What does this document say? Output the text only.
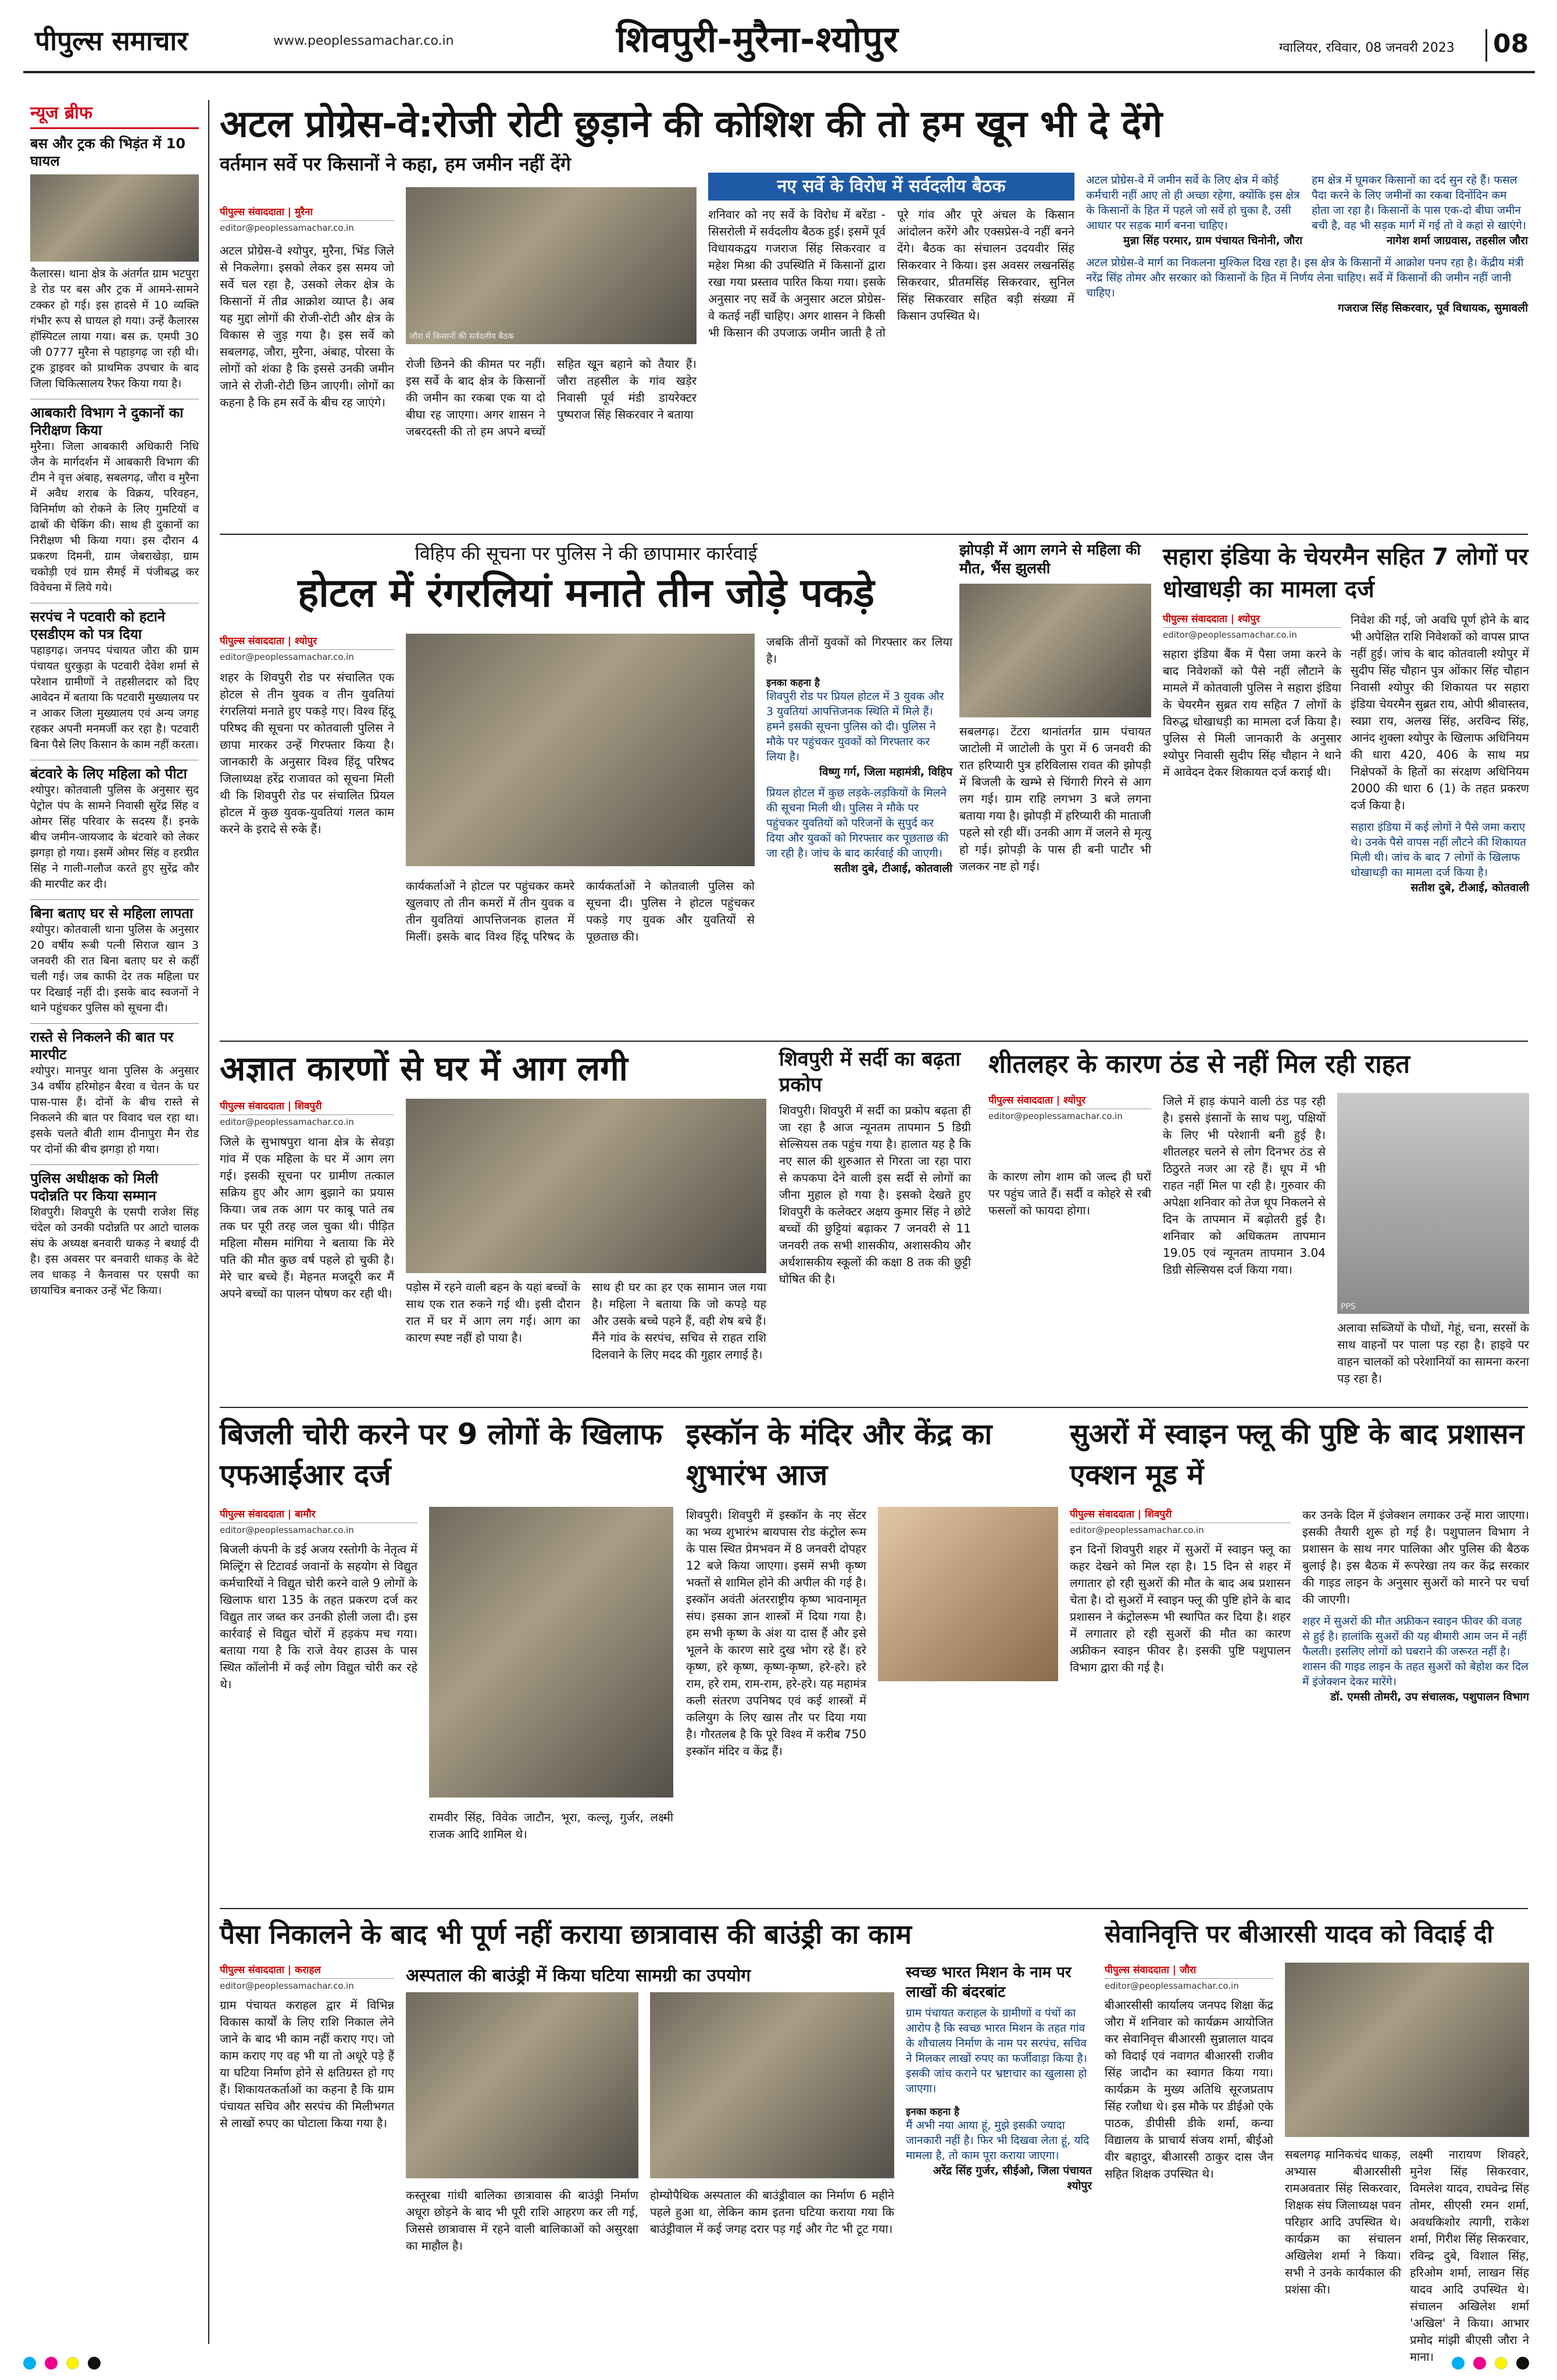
पीपुल्स समाचार	www.peoplessamachar.co.in	शिवपुरी-मुरैना-श्योपुर	ग्वालियर, रविवार, 08 जनवरी 2023 08
न्यूज ब्रीफ
बस और ट्रक की भिड़ंत में 10 घायल
कैलारस। थाना क्षेत्र के अंतर्गत ग्राम भटपुरा डे रोड पर बस और ट्रक में आमने-सामने टक्कर हो गई। इस हादसे में 10 व्यक्ति गंभीर रूप से घायल हो गया। उन्हें कैलारस हॉस्पिटल लाया गया। बस क्र. एमपी 30 जी 0777 मुरैना से पहाड़गढ़ जा रही थी। ट्रक ड्राइवर को प्राथमिक उपचार के बाद जिला चिकित्सालय रैफर किया गया है।
आबकारी विभाग ने दुकानों का निरीक्षण किया
मुरैना। जिला आबकारी अधिकारी निधि जैन के मार्गदर्शन में आबकारी विभाग की टीम ने वृत्त अंबाह, सबलगढ़, जौरा व मुरैना में अवैध शराब के विक्रय, परिवहन, विनिर्माण को रोकने के लिए गुमटियों व ढाबों की चेकिंग की। साथ ही दुकानों का निरीक्षण भी किया गया। इस दौरान 4 प्रकरण दिमनी, ग्राम जेबराखेड़ा, ग्राम चकोड़ी एवं ग्राम सैमई में पंजीबद्ध कर विवेचना में लिये गये।
सरपंच ने पटवारी को हटाने एसडीएम को पत्र दिया
पहाड़गढ़। जनपद पंचायत जौरा की ग्राम पंचायत धुरकुड़ा के पटवारी देवेश शर्मा से परेशान ग्रामीणों ने तहसीलदार को दिए आवेदन में बताया कि पटवारी मुख्यालय पर न आकर जिला मुख्यालय एवं अन्य जगह रहकर अपनी मनमर्जी कर रहा है। पटवारी बिना पैसे लिए किसान के काम नहीं करता।
बंटवारे के लिए महिला को पीटा
श्योपुर। कोतवाली पुलिस के अनुसार सुद पेट्रोल पंप के सामने निवासी सुरेंद्र सिंह व ओमर सिंह परिवार के सदस्य हैं। इनके बीच जमीन-जायजाद के बंटवारे को लेकर झगड़ा हो गया। इसमें ओमर सिंह व हरप्रीत सिंह ने गाली-गलौज करते हुए सुरेंद्र कौर की मारपीट कर दी।
बिना बताए घर से महिला लापता
श्योपुर। कोतवाली थाना पुलिस के अनुसार 20 वर्षीय रूबी पत्नी सिराज खान 3 जनवरी की रात बिना बताए घर से कहीं चली गई। जब काफी देर तक महिला घर पर दिखाई नहीं दी। इसके बाद स्वजनों ने थाने पहुंचकर पुलिस को सूचना दी।
रास्ते से निकलने की बात पर मारपीट
श्योपुर। मानपुर थाना पुलिस के अनुसार 34 वर्षीय हरिमोहन बैरवा व चेतन के घर पास-पास हैं। दोनों के बीच रास्ते से निकलने की बात पर विवाद चल रहा था। इसके चलते बीती शाम दीनापुरा मैन रोड पर दोनों की बीच झगड़ा हो गया।
पुलिस अधीक्षक को मिली पदोन्नति पर किया सम्मान
शिवपुरी। शिवपुरी के एसपी राजेश सिंह चंदेल को उनकी पदोन्नति पर आटो चालक संघ के अध्यक्ष बनवारी धाकड़ ने बधाई दी है। इस अवसर पर बनवारी धाकड़ के बेटे लव धाकड़ ने कैनवास पर एसपी का छायाचित्र बनाकर उन्हें भेंट किया।
अटल प्रोग्रेस-वे:रोजी रोटी छुड़ाने की कोशिश की तो हम खून भी दे देंगे
वर्तमान सर्वे पर किसानों ने कहा, हम जमीन नहीं देंगे
पीपुल्स संवाददाता | मुरैना
editor@peoplessamachar.co.in
अटल प्रोग्रेस-वे श्योपुर, मुरैना, भिंड जिले से निकलेगा। इसको लेकर इस समय जो सर्वे चल रहा है, उसको लेकर क्षेत्र के किसानों में तीव्र आक्रोश व्याप्त है। अब यह मुद्दा लोगों की रोजी-रोटी और क्षेत्र के विकास से जुड़ गया है। इस सर्वे को सबलगढ़, जौरा, मुरैना, अंबाह, पोरसा के लोगों को शंका है कि इससे उनकी जमीन जाने से रोजी-रोटी छिन जाएगी। लोगों का कहना है कि हम सर्वे के बीच रह जाएंगे।
जौरा में किसानों की सर्वदलीय बैठक
रोजी छिनने की कीमत पर नहीं। इस सर्वे के बाद क्षेत्र के किसानों की जमीन का रकबा एक या दो बीघा रह जाएगा। अगर शासन ने जबरदस्ती की तो हम अपने बच्चों सहित खून बहाने को तैयार हैं। जौरा तहसील के गांव खड़ेर निवासी पूर्व मंडी डायरेक्टर पुष्पराज सिंह सिकरवार ने बताया
नए सर्वे के विरोध में सर्वदलीय बैठक
शनिवार को नए सर्वे के विरोध में बरेंडा - सिसरोली में सर्वदलीय बैठक हुई। इसमें पूर्व विधायकद्वय गजराज सिंह सिकरवार व महेश मिश्रा की उपस्थिति में किसानों द्वारा रखा गया प्रस्ताव पारित किया गया। इसके अनुसार नए सर्वे के अनुसार अटल प्रोग्रेस-वे कतई नहीं चाहिए। अगर शासन ने किसी भी किसान की उपजाऊ जमीन जाती है तो पूरे गांव और पूरे अंचल के किसान आंदोलन करेंगे और एक्सप्रेस-वे नहीं बनने देंगे। बैठक का संचालन उदयवीर सिंह सिकरवार ने किया। इस अवसर लखनसिंह सिकरवार, प्रीतमसिंह सिकरवार, सुनिल सिंह सिकरवार सहित बड़ी संख्या में किसान उपस्थित थे।
अटल प्रोग्रेस-वे में जमीन सर्वे के लिए क्षेत्र में कोई कर्मचारी नहीं आए तो ही अच्छा रहेगा, क्योंकि इस क्षेत्र के किसानों के हित में पहले जो सर्वे हो चुका है, उसी आधार पर सड़क मार्ग बनना चाहिए।
मुन्ना सिंह परमार, ग्राम पंचायत चिनोनी, जौरा
हम क्षेत्र में घूमकर किसानों का दर्द सुन रहे हैं। फसल पैदा करने के लिए जमीनों का रकबा दिनोंदिन कम होता जा रहा है। किसानों के पास एक-दो बीघा जमीन बची है, वह भी सड़क मार्ग में गई तो वे कहां से खाएंगे।
नागेश शर्मा जाग्रवास, तहसील जौरा
अटल प्रोग्रेस-वे मार्ग का निकलना मुश्किल दिख रहा है। इस क्षेत्र के किसानों में आक्रोश पनप रहा है। केंद्रीय मंत्री नरेंद्र सिंह तोमर और सरकार को किसानों के हित में निर्णय लेना चाहिए। सर्वे में किसानों की जमीन नहीं जानी चाहिए।
गजराज सिंह सिकरवार, पूर्व विधायक, सुमावली
विहिप की सूचना पर पुलिस ने की छापामार कार्रवाई
होटल में रंगरलियां मनाते तीन जोड़े पकड़े
पीपुल्स संवाददाता | श्योपुर
editor@peoplessamachar.co.in
शहर के शिवपुरी रोड पर संचालित एक होटल से तीन युवक व तीन युवतियां रंगरलियां मनाते हुए पकड़े गए। विश्व हिंदू परिषद की सूचना पर कोतवाली पुलिस ने छापा मारकर उन्हें गिरफ्तार किया है। जानकारी के अनुसार विश्व हिंदू परिषद जिलाध्यक्ष हरेंद्र राजावत को सूचना मिली थी कि शिवपुरी रोड पर संचालित प्रियल होटल में कुछ युवक-युवतियां गलत काम करने के इरादे से रुके हैं।
कार्यकर्ताओं ने होटल पर पहुंचकर कमरे खुलवाए तो तीन कमरों में तीन युवक व तीन युवतियां आपत्तिजनक हालत में मिलीं। इसके बाद विश्व हिंदू परिषद के कार्यकर्ताओं ने कोतवाली पुलिस को सूचना दी। पुलिस ने होटल पहुंचकर पकड़े गए युवक और युवतियों से पूछताछ की।
जबकि तीनों युवकों को गिरफ्तार कर लिया है।
इनका कहना है
शिवपुरी रोड पर प्रियल होटल में 3 युवक और 3 युवतियां आपत्तिजनक स्थिति में मिले हैं। हमने इसकी सूचना पुलिस को दी। पुलिस ने मौके पर पहुंचकर युवकों को गिरफ्तार कर लिया है।
विष्णु गर्ग, जिला महामंत्री, विहिप
प्रियल होटल में कुछ लड़के-लड़कियों के मिलने की सूचना मिली थी। पुलिस ने मौके पर पहुंचकर युवतियों को परिजनों के सुपुर्द कर दिया और युवकों को गिरफ्तार कर पूछताछ की जा रही है। जांच के बाद कार्रवाई की जाएगी।
सतीश दुबे, टीआई, कोतवाली
झोपड़ी में आग लगने से महिला की मौत, भैंस झुलसी
सबलगढ़। टेंटरा थानांतर्गत ग्राम पंचायत जाटोली में जाटोली के पुरा में 6 जनवरी की रात हरिप्यारी पुत्र हरिविलास रावत की झोपड़ी में बिजली के खम्भे से चिंगारी गिरने से आग लग गई। ग्राम राहि लगभग 3 बजे लगना बताया गया है। झोपड़ी में हरिप्यारी की माताजी पहले सो रही थीं। उनकी आग में जलने से मृत्यु हो गई। झोपड़ी के पास ही बनी पाटौर भी जलकर नष्ट हो गई।
सहारा इंडिया के चेयरमैन सहित 7 लोगों पर धोखाधड़ी का मामला दर्ज
पीपुल्स संवाददाता | श्योपुर
editor@peoplessamachar.co.in
सहारा इंडिया बैंक में पैसा जमा करने के बाद निवेशकों को पैसे नहीं लौटाने के मामले में कोतवाली पुलिस ने सहारा इंडिया के चेयरमैन सुब्रत राय सहित 7 लोगों के विरुद्ध धोखाधड़ी का मामला दर्ज किया है। पुलिस से मिली जानकारी के अनुसार श्योपुर निवासी सुदीप सिंह चौहान ने थाने में आवेदन देकर शिकायत दर्ज कराई थी।
निवेश की गई, जो अवधि पूर्ण होने के बाद भी अपेक्षित राशि निवेशकों को वापस प्राप्त नहीं हुई। जांच के बाद कोतवाली श्योपुर में सुदीप सिंह चौहान पुत्र ओंकार सिंह चौहान निवासी श्योपुर की शिकायत पर सहारा इंडिया चेयरमैन सुब्रत राय, ओपी श्रीवास्तव, स्वप्ना राय, अलख सिंह, अरविन्द सिंह, आनंद शुक्ला श्योपुर के खिलाफ अधिनियम की धारा 420, 406 के साथ मप्र निक्षेपकों के हितों का संरक्षण अधिनियम 2000 की धारा 6 (1) के तहत प्रकरण दर्ज किया है।
सहारा इंडिया में कई लोगों ने पैसे जमा कराए थे। उनके पैसे वापस नहीं लौटने की शिकायत मिली थी। जांच के बाद 7 लोगों के खिलाफ धोखाधड़ी का मामला दर्ज किया है।
सतीश दुबे, टीआई, कोतवाली
अज्ञात कारणों से घर में आग लगी
पीपुल्स संवाददाता | शिवपुरी
editor@peoplessamachar.co.in
जिले के सुभाषपुरा थाना क्षेत्र के सेवड़ा गांव में एक महिला के घर में आग लग गई। इसकी सूचना पर ग्रामीण तत्काल सक्रिय हुए और आग बुझाने का प्रयास किया। जब तक आग पर काबू पाते तब तक घर पूरी तरह जल चुका थी। पीड़ित महिला मौसम मांगिया ने बताया कि मेरे पति की मौत कुछ वर्ष पहले हो चुकी है। मेरे चार बच्चे हैं। मेहनत मजदूरी कर मैं अपने बच्चों का पालन पोषण कर रही थी। पड़ोस में रहने वाली बहन के यहां बच्चों के साथ एक रात रुकने गई थी। इसी दौरान रात में घर में आग लग गई। आग का कारण स्पष्ट नहीं हो पाया है।
साथ ही घर का हर एक सामान जल गया है। महिला ने बताया कि जो कपड़े यह और उसके बच्चे पहने हैं, वही शेष बचे हैं। मैंने गांव के सरपंच, सचिव से राहत राशि दिलवाने के लिए मदद की गुहार लगाई है।
शिवपुरी में सर्दी का बढ़ता प्रकोप
शिवपुरी। शिवपुरी में सर्दी का प्रकोप बढ़ता ही जा रहा है आज न्यूनतम तापमान 5 डिग्री सेल्सियस तक पहुंच गया है। हालात यह है कि नए साल की शुरुआत से गिरता जा रहा पारा से कपकपा देने वाली इस सर्दी से लोगों का जीना मुहाल हो गया है। इसको देखते हुए शिवपुरी के कलेक्टर अक्षय कुमार सिंह ने छोटे बच्चों की छुट्टियां बढ़ाकर 7 जनवरी से 11 जनवरी तक सभी शासकीय, अशासकीय और अर्धशासकीय स्कूलों की कक्षा 8 तक की छुट्टी घोषित की है।
शीतलहर के कारण ठंड से नहीं मिल रही राहत
पीपुल्स संवाददाता | श्योपुर
editor@peoplessamachar.co.in
जिले में हाड़ कंपाने वाली ठंड पड़ रही है। इससे इंसानों के साथ पशु, पक्षियों के लिए भी परेशानी बनी हुई है। शीतलहर चलने से लोग दिनभर ठंड से ठिठुरते नजर आ रहे हैं। धूप में भी राहत नहीं मिल पा रही है। गुरुवार की अपेक्षा शनिवार को तेज धूप निकलने से दिन के तापमान में बढ़ोतरी हुई है। शनिवार को अधिकतम तापमान 19.05 एवं न्यूनतम तापमान 3.04 डिग्री सेल्सियस दर्ज किया गया।
PPS
के कारण लोग शाम को जल्द ही घरों पर पहुंच जाते हैं। सर्दी व कोहरे से रबी फसलों को फायदा होगा।
अलावा सब्जियों के पौधों, गेहूं, चना, सरसों के साथ वाहनों पर पाला पड़ रहा है। हाइवे पर वाहन चालकों को परेशानियों का सामना करना पड़ रहा है।
बिजली चोरी करने पर 9 लोगों के खिलाफ एफआईआर दर्ज
पीपुल्स संवाददाता | बामौर
editor@peoplessamachar.co.in
बिजली कंपनी के डई अजय रस्तोगी के नेतृत्व में मिल्ट्रिंग से टिटावर्ड जवानों के सहयोग से विद्युत कर्मचारियों ने विद्युत चोरी करने वाले 9 लोगों के खिलाफ धारा 135 के तहत प्रकरण दर्ज कर विद्युत तार जब्त कर उनकी होली जला दी। इस कार्रवाई से विद्युत चोरों में हड़कंप मच गया। बताया गया है कि राजे वेयर हाउस के पास स्थित कॉलोनी में कई लोग विद्युत चोरी कर रहे थे।
रामवीर सिंह, विवेक जाटौन, भूरा, कल्लू, गुर्जर, लक्ष्मी राजक आदि शामिल थे।
इस्कॉन के मंदिर और केंद्र का शुभारंभ आज
शिवपुरी। शिवपुरी में इस्कॉन के नए सेंटर का भव्य शुभारंभ बायपास रोड कंट्रोल रूम के पास स्थित प्रेमभवन में 8 जनवरी दोपहर 12 बजे किया जाएगा। इसमें सभी कृष्ण भक्तों से शामिल होने की अपील की गई है। इस्कॉन अवंती अंतरराष्ट्रीय कृष्ण भावनामृत संघ। इसका ज्ञान शास्त्रों में दिया गया है। हम सभी कृष्ण के अंश या दास हैं और इसे भूलने के कारण सारे दुख भोग रहे हैं। हरे कृष्ण, हरे कृष्ण, कृष्ण-कृष्ण, हरे-हरे। हरे राम, हरे राम, राम-राम, हरे-हरे। यह महामंत्र कली संतरण उपनिषद एवं कई शास्त्रों में कलियुग के लिए खास तौर पर दिया गया है। गौरतलब है कि पूरे विश्व में करीब 750 इस्कॉन मंदिर व केंद्र हैं।
सुअरों में स्वाइन फ्लू की पुष्टि के बाद प्रशासन एक्शन मूड में
पीपुल्स संवाददाता | शिवपुरी
editor@peoplessamachar.co.in
इन दिनों शिवपुरी शहर में सुअरों में स्वाइन फ्लू का कहर देखने को मिल रहा है। 15 दिन से शहर में लगातार हो रही सुअरों की मौत के बाद अब प्रशासन चेता है। दो सुअरों में स्वाइन फ्लू की पुष्टि होने के बाद प्रशासन ने कंट्रोलरूम भी स्थापित कर दिया है। शहर में लगातार हो रही सुअरों की मौत का कारण अफ्रीकन स्वाइन फीवर है। इसकी पुष्टि पशुपालन विभाग द्वारा की गई है।
कर उनके दिल में इंजेक्शन लगाकर उन्हें मारा जाएगा। इसकी तैयारी शुरू हो गई है। पशुपालन विभाग ने प्रशासन के साथ नगर पालिका और पुलिस की बैठक बुलाई है। इस बैठक में रूपरेखा तय कर केंद्र सरकार की गाइड लाइन के अनुसार सुअरों को मारने पर चर्चा की जाएगी।
शहर में सुअरों की मौत अफ्रीकन स्वाइन फीवर की वजह से हुई है। हालांकि सुअरों की यह बीमारी आम जन में नहीं फैलती। इसलिए लोगों को घबराने की जरूरत नहीं है। शासन की गाइड लाइन के तहत सुअरों को बेहोश कर दिल में इंजेक्शन देकर मारेंगे।
डॉ. एमसी तोमरी, उप संचालक, पशुपालन विभाग
पैसा निकालने के बाद भी पूर्ण नहीं कराया छात्रावास की बाउंड्री का काम
पीपुल्स संवाददाता | कराहल
editor@peoplessamachar.co.in
ग्राम पंचायत कराहल द्वार में विभिन्न विकास कार्यों के लिए राशि निकाल लेने जाने के बाद भी काम नहीं कराए गए। जो काम कराए गए वह भी या तो अधूरे पड़े हैं या घटिया निर्माण होने से क्षतिग्रस्त हो गए हैं। शिकायतकर्ताओं का कहना है कि ग्राम पंचायत सचिव और सरपंच की मिलीभगत से लाखों रुपए का घोटाला किया गया है।
अस्पताल की बाउंड्री में किया घटिया सामग्री का उपयोग
कस्तूरबा गांधी बालिका छात्रावास की बाउंड्री निर्माण अधूरा छोड़ने के बाद भी पूरी राशि आहरण कर ली गई, जिससे छात्रावास में रहने वाली बालिकाओं को असुरक्षा का माहौल है।
होम्योपैथिक अस्पताल की बाउंड्रीवाल का निर्माण 6 महीने पहले हुआ था, लेकिन काम इतना घटिया कराया गया कि बाउंड्रीवाल में कई जगह दरार पड़ गई और गेट भी टूट गया।
स्वच्छ भारत मिशन के नाम पर लाखों की बंदरबांट
ग्राम पंचायत कराहल के ग्रामीणों व पंचों का आरोप है कि स्वच्छ भारत मिशन के तहत गांव के शौचालय निर्माण के नाम पर सरपंच, सचिव ने मिलकर लाखों रुपए का फर्जीवाड़ा किया है। इसकी जांच कराने पर भ्रष्टाचार का खुलासा हो जाएगा।
इनका कहना है
मैं अभी नया आया हूं, मुझे इसकी ज्यादा जानकारी नहीं है। फिर भी दिखवा लेता हूं, यदि मामला है, तो काम पूरा कराया जाएगा।
अरेंद्र सिंह गुर्जर, सीईओ, जिला पंचायत श्योपुर
सेवानिवृत्ति पर बीआरसी यादव को विदाई दी
पीपुल्स संवाददाता | जौरा
editor@peoplessamachar.co.in
बीआरसीसी कार्यालय जनपद शिक्षा केंद्र जौरा में शनिवार को कार्यक्रम आयोजित कर सेवानिवृत्त बीआरसी सुन्नालाल यादव को विदाई एवं नवागत बीआरसी राजीव सिंह जादौन का स्वागत किया गया। कार्यक्रम के मुख्य अतिथि सूरजप्रताप सिंह रजौधा थे। इस मौके पर डीईओ एके पाठक, डीपीसी डीके शर्मा, कन्या विद्यालय के प्राचार्य संजय शर्मा, बीईओ वीर बहादुर, बीआरसी ठाकुर दास जैन सहित शिक्षक उपस्थित थे।
सबलगढ़ मानिकचंद धाकड़, अभ्यास बीआरसीसी रामअवतार सिंह सिकरवार, शिक्षक संघ जिलाध्यक्ष पवन परिहार आदि उपस्थित थे। कार्यक्रम का संचालन अखिलेश शर्मा ने किया। सभी ने उनके कार्यकाल की प्रशंसा की।
लक्ष्मी नारायण शिवहरे, मुनेश सिंह सिकरवार, विमलेश यादव, राघवेन्द्र सिंह तोमर, सीएसी रमन शर्मा, अवधकिशोर त्यागी, राकेश शर्मा, गिरीश सिंह सिकरवार, रविन्द्र दुबे, विशाल सिंह, हरिओम शर्मा, लाखन सिंह यादव आदि उपस्थित थे। संचालन अखिलेश शर्मा 'अखिल' ने किया। आभार प्रमोद मांझी बीएसी जौरा ने माना।
